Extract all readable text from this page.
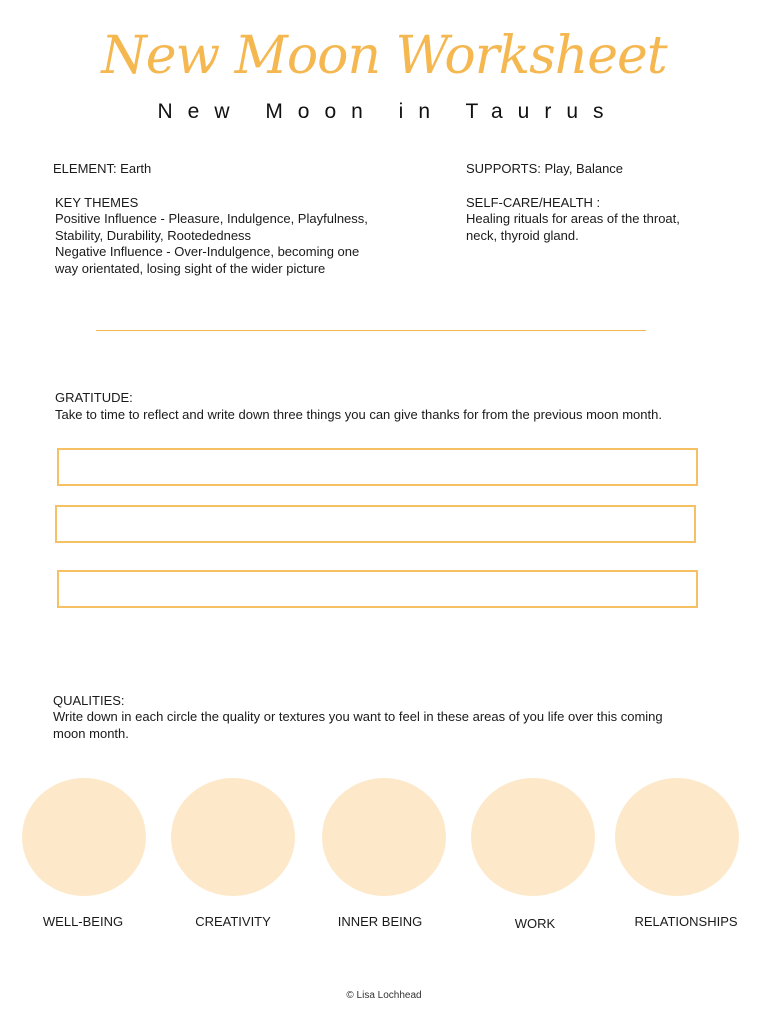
New Moon Worksheet
New Moon in Taurus
ELEMENT: Earth	SUPPORTS: Play, Balance
KEY THEMES
Positive Influence - Pleasure, Indulgence, Playfulness,
Stability, Durability, Rootededness
Negative Influence - Over-Indulgence, becoming one
way orientated, losing sight of the wider picture
SELF-CARE/HEALTH :
Healing rituals for areas of the throat,
neck, thyroid gland.
GRATITUDE:
Take to time to reflect and write down three things you can give thanks for from the previous moon month.
QUALITIES:
Write down in each circle the quality or textures you want to feel in these areas of you life over this coming
moon month.
WELL-BEING	CREATIVITY	INNER BEING	WORK	RELATIONSHIPS
© Lisa Lochhead
